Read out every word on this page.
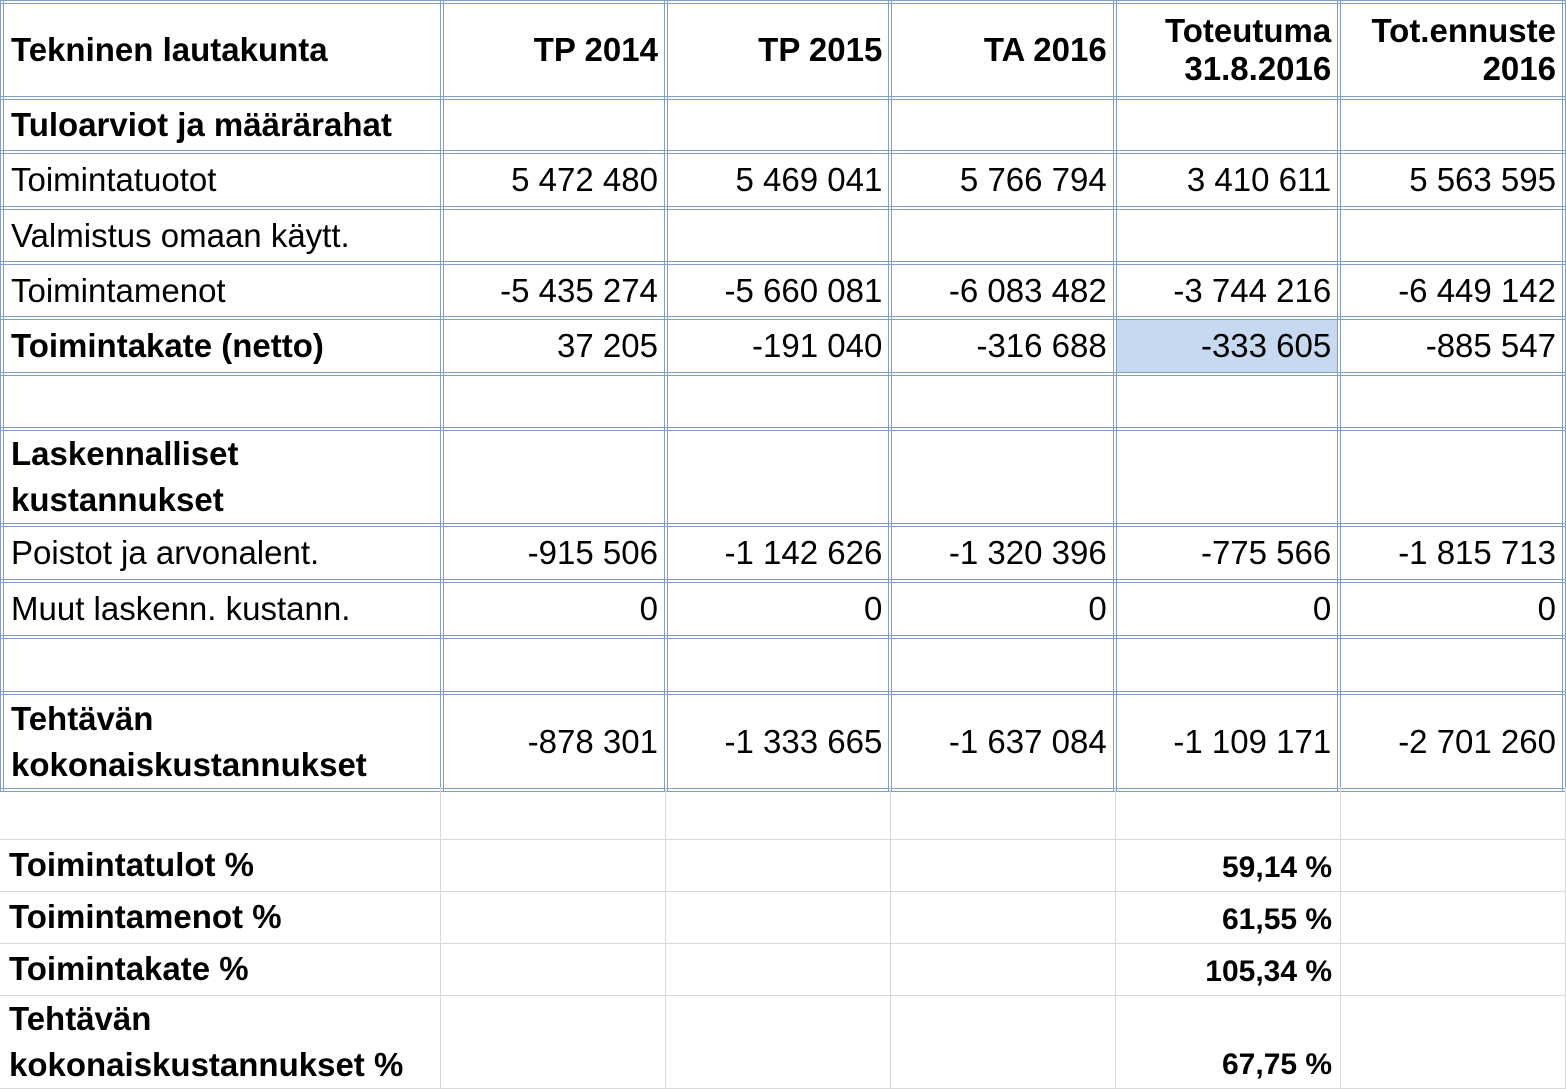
Tekninen lautakunta	TP 2014	TP 2015	TA 2016	Toteutuma 31.8.2016	Tot.ennuste 2016
Tuloarviot ja määrärahat					
Toimintatuotot	5 472 480	5 469 041	5 766 794	3 410 611	5 563 595
Valmistus omaan käytt.					
Toimintamenot	-5 435 274	-5 660 081	-6 083 482	-3 744 216	-6 449 142
Toimintakate (netto)	37 205	-191 040	-316 688	-333 605	-885 547

Laskennalliset kustannukset					
Poistot ja arvonalent.	-915 506	-1 142 626	-1 320 396	-775 566	-1 815 713
Muut laskenn. kustann.	0	0	0	0	0

Tehtävän kokonaiskustannukset	-878 301	-1 333 665	-1 637 084	-1 109 171	-2 701 260

Toimintatulot %				59,14 %	
Toimintamenot %				61,55 %	
Toimintakate %				105,34 %	
Tehtävän kokonaiskustannukset %				67,75 %	
